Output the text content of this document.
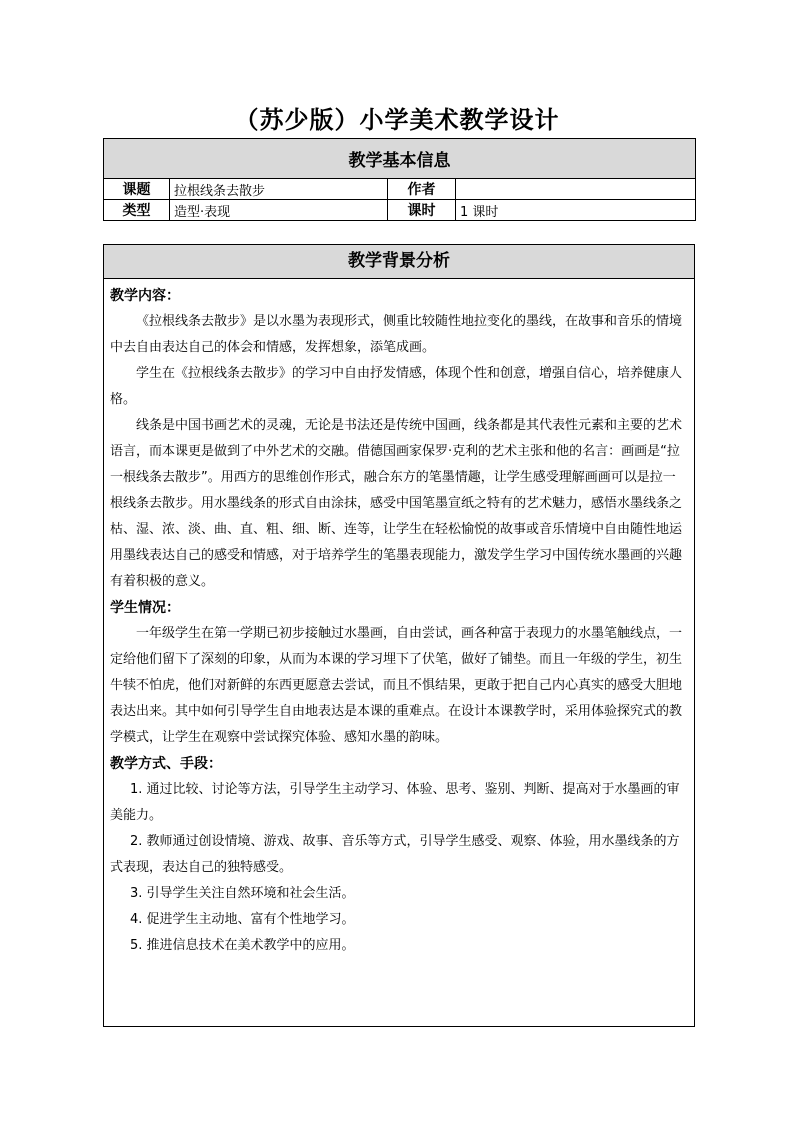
（苏少版）小学美术教学设计
教学基本信息			
课题	拉根线条去散步	作者	
类型	造型·表现	课时	1 课时
教学背景分析

教学内容：

《拉根线条去散步》是以水墨为表现形式，侧重比较随性地拉变化的墨线，在故事和音乐的情境中去自由表达自己的体会和情感，发挥想象，添笔成画。

学生在《拉根线条去散步》的学习中自由抒发情感，体现个性和创意，增强自信心，培养健康人格。

线条是中国书画艺术的灵魂，无论是书法还是传统中国画，线条都是其代表性元素和主要的艺术语言，而本课更是做到了中外艺术的交融。借德国画家保罗·克利的艺术主张和他的名言：画画是“拉一根线条去散步”。用西方的思维创作形式，融合东方的笔墨情趣，让学生感受理解画画可以是拉一根线条去散步。用水墨线条的形式自由涂抹，感受中国笔墨宣纸之特有的艺术魅力，感悟水墨线条之枯、湿、浓、淡、曲、直、粗、细、断、连等，让学生在轻松愉悦的故事或音乐情境中自由随性地运用墨线表达自己的感受和情感，对于培养学生的笔墨表现能力，激发学生学习中国传统水墨画的兴趣有着积极的意义。

学生情况：

一年级学生在第一学期已初步接触过水墨画，自由尝试，画各种富于表现力的水墨笔触线点，一定给他们留下了深刻的印象，从而为本课的学习埋下了伏笔，做好了铺垫。而且一年级的学生，初生牛犊不怕虎，他们对新鲜的东西更愿意去尝试，而且不惧结果，更敢于把自己内心真实的感受大胆地表达出来。其中如何引导学生自由地表达是本课的重难点。在设计本课教学时，采用体验探究式的教学模式，让学生在观察中尝试探究体验、感知水墨的韵味。

教学方式、手段：

1. 通过比较、讨论等方法，引导学生主动学习、体验、思考、鉴别、判断、提高对于水墨画的审美能力。

2. 教师通过创设情境、游戏、故事、音乐等方式，引导学生感受、观察、体验，用水墨线条的方式表现，表达自己的独特感受。

3. 引导学生关注自然环境和社会生活。

4. 促进学生主动地、富有个性地学习。

5. 推进信息技术在美术教学中的应用。
